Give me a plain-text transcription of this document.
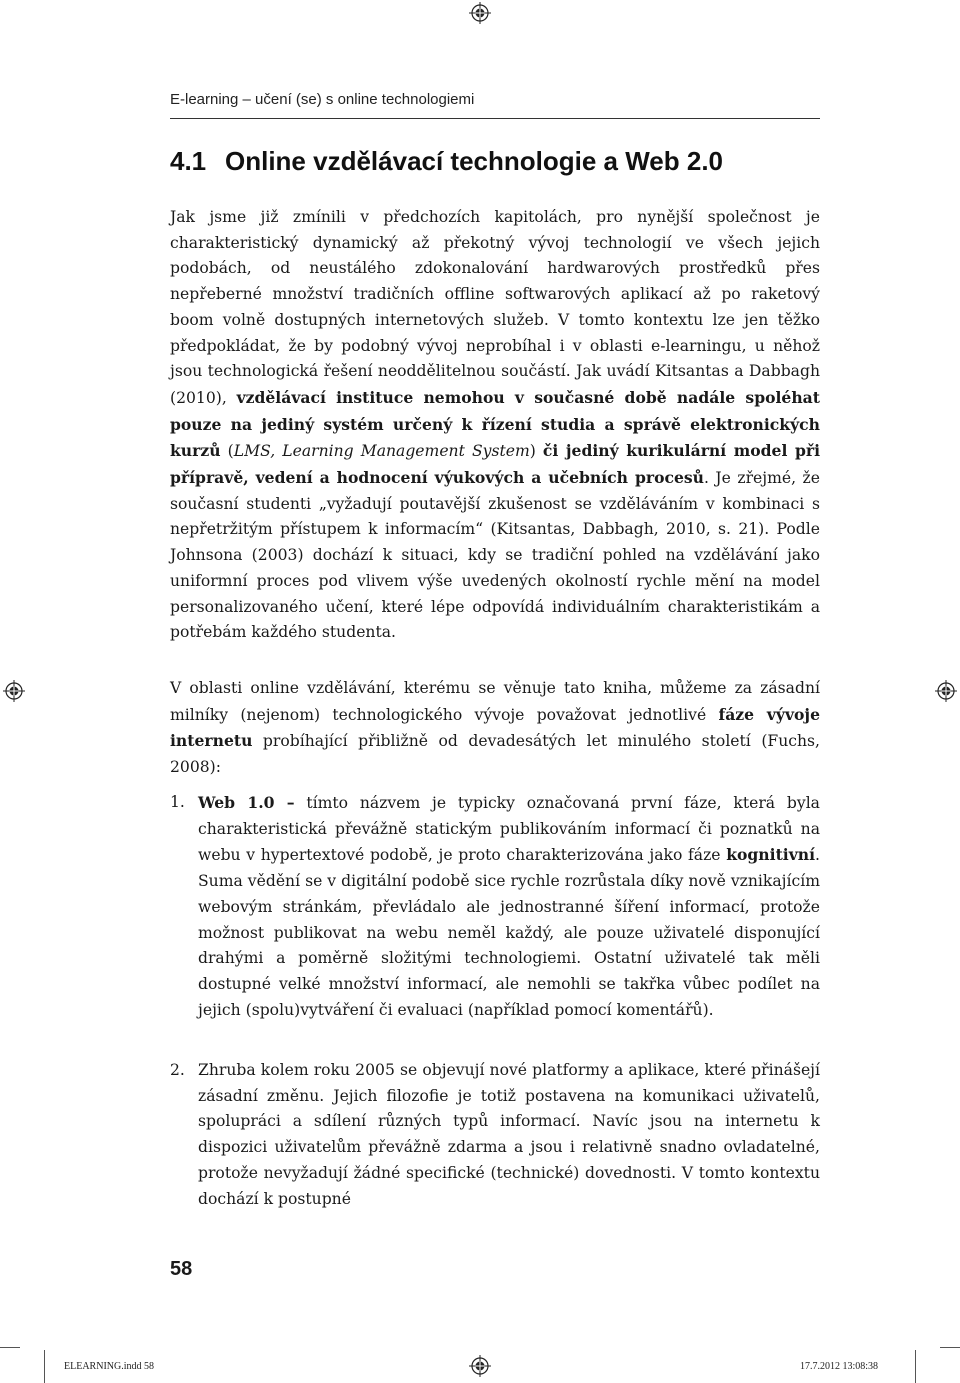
E-learning – učení (se) s online technologiemi
4.1 Online vzdělávací technologie a Web 2.0
Jak jsme již zmínili v předchozích kapitolách, pro nynější společnost je charakteristický dynamický až překotný vývoj technologií ve všech jejich podobách, od neustálého zdokonalování hardwarových prostředků přes nepřeberné množství tradičních offline softwarových aplikací až po raketový boom volně dostupných internetových služeb. V tomto kontextu lze jen těžko předpokládat, že by podobný vývoj neprobíhal i v oblasti e-learningu, u něhož jsou technologická řešení neoddělitelnou součástí. Jak uvádí Kitsantas a Dabbagh (2010), vzdělávací instituce nemohou v současné době nadále spoléhat pouze na jediný systém určený k řízení studia a správě elektronických kurzů (LMS, Learning Management System) či jediný kurikulární model při přípravě, vedení a hodnocení výukových a učebních procesů. Je zřejmé, že současní studenti „vyžadují poutavější zkušenost se vzděláváním v kombinaci s nepřetržitým přístupem k informacím“ (Kitsantas, Dabbagh, 2010, s. 21). Podle Johnsona (2003) dochází k situaci, kdy se tradiční pohled na vzdělávání jako uniformní proces pod vlivem výše uvedených okolností rychle mění na model personalizovaného učení, které lépe odpovídá individuálním charakteristikám a potřebám každého studenta.
V oblasti online vzdělávání, kterému se věnuje tato kniha, můžeme za zásadní milníky (nejenom) technologického vývoje považovat jednotlivé fáze vývoje internetu probíhající přibližně od devadesátých let minulého století (Fuchs, 2008):
1. Web 1.0 – tímto názvem je typicky označovaná první fáze, která byla charakteristická převážně statickým publikováním informací či poznatků na webu v hypertextové podobě, je proto charakterizována jako fáze kognitivní. Suma vědění se v digitální podobě sice rychle rozrůstala díky nově vznikajícím webovým stránkám, převládalo ale jednostranné šíření informací, protože možnost publikovat na webu neměl každý, ale pouze uživatelé disponující drahými a poměrně složitými technologiemi. Ostatní uživatelé tak měli dostupné velké množství informací, ale nemohli se takřka vůbec podílet na jejich (spolu)vytváření či evaluaci (například pomocí komentářů).
2. Zhruba kolem roku 2005 se objevují nové platformy a aplikace, které přinášejí zásadní změnu. Jejich filozofie je totiž postavena na komunikaci uživatelů, spolupráci a sdílení různých typů informací. Navíc jsou na internetu k dispozici uživatelům převážně zdarma a jsou i relativně snadno ovladatelné, protože nevyžadují žádné specifické (technické) dovednosti. V tomto kontextu dochází k postupné
58
ELEARNING.indd 58	17.7.2012 13:08:38
